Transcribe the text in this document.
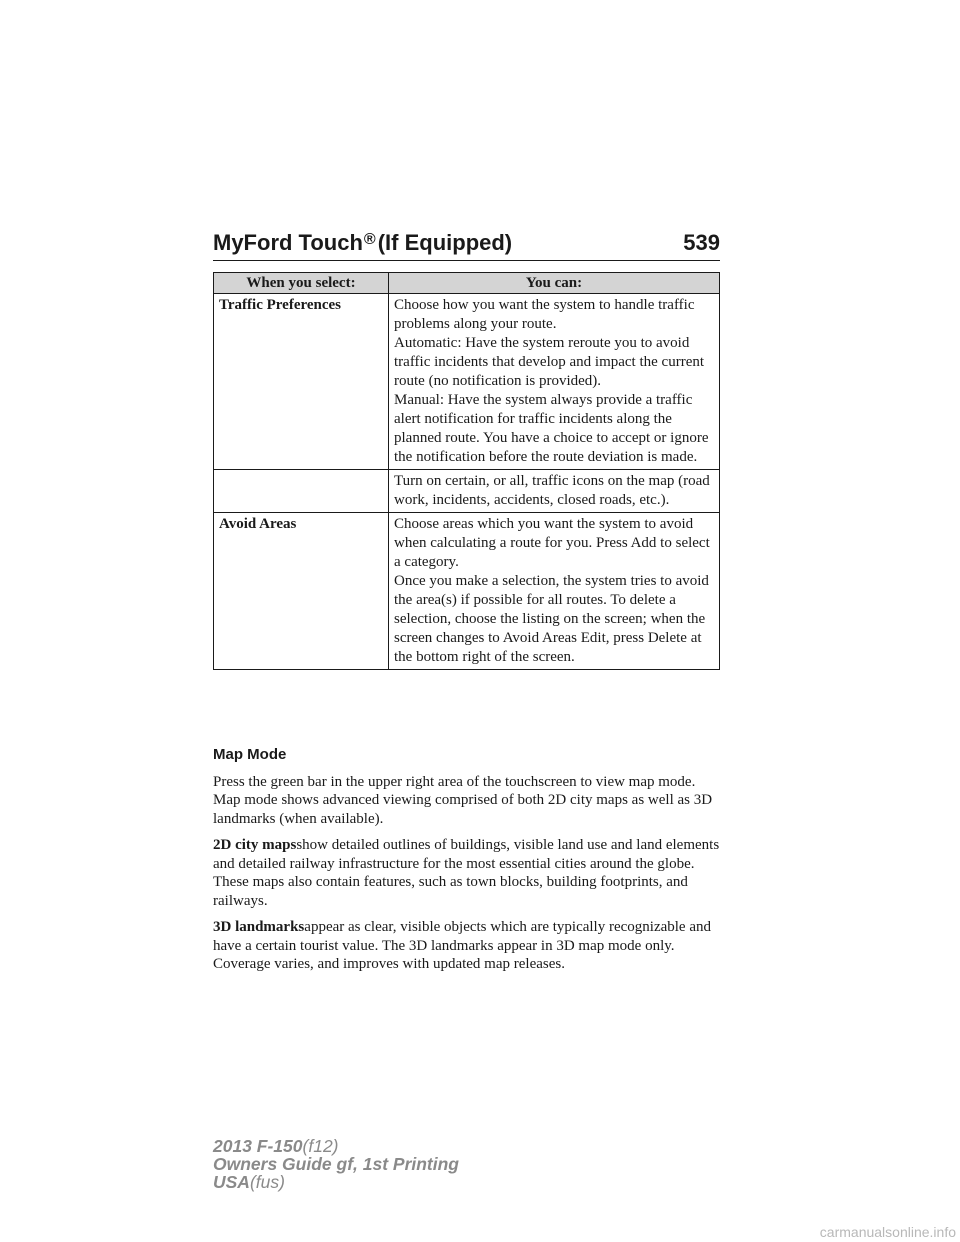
MyFord Touch®(If Equipped)	539
When you select:	You can:
Traffic Preferences	Choose how you want the system to handle traffic problems along your route.
Automatic: Have the system reroute you to avoid traffic incidents that develop and impact the current route (no notification is provided).
Manual: Have the system always provide a traffic alert notification for traffic incidents along the planned route. You have a choice to accept or ignore the notification before the route deviation is made.

	Turn on certain, or all, traffic icons on the map (road work, incidents, accidents, closed roads, etc.).

Avoid Areas	Choose areas which you want the system to avoid when calculating a route for you. Press Add to select a category.
Once you make a selection, the system tries to avoid the area(s) if possible for all routes. To delete a selection, choose the listing on the screen; when the screen changes to Avoid Areas Edit, press Delete at the bottom right of the screen.
Map Mode

Press the green bar in the upper right area of the touchscreen to view map mode. Map mode shows advanced viewing comprised of both 2D city maps as well as 3D landmarks (when available).

2D city mapsshow detailed outlines of buildings, visible land use and land elements and detailed railway infrastructure for the most essential cities around the globe. These maps also contain features, such as town blocks, building footprints, and railways.

3D landmarksappear as clear, visible objects which are typically recognizable and have a certain tourist value. The 3D landmarks appear in 3D map mode only. Coverage varies, and improves with updated map releases.

2013 F-150(f12)
Owners Guide gf, 1st Printing
USA(fus)
carmanualsonline.info
